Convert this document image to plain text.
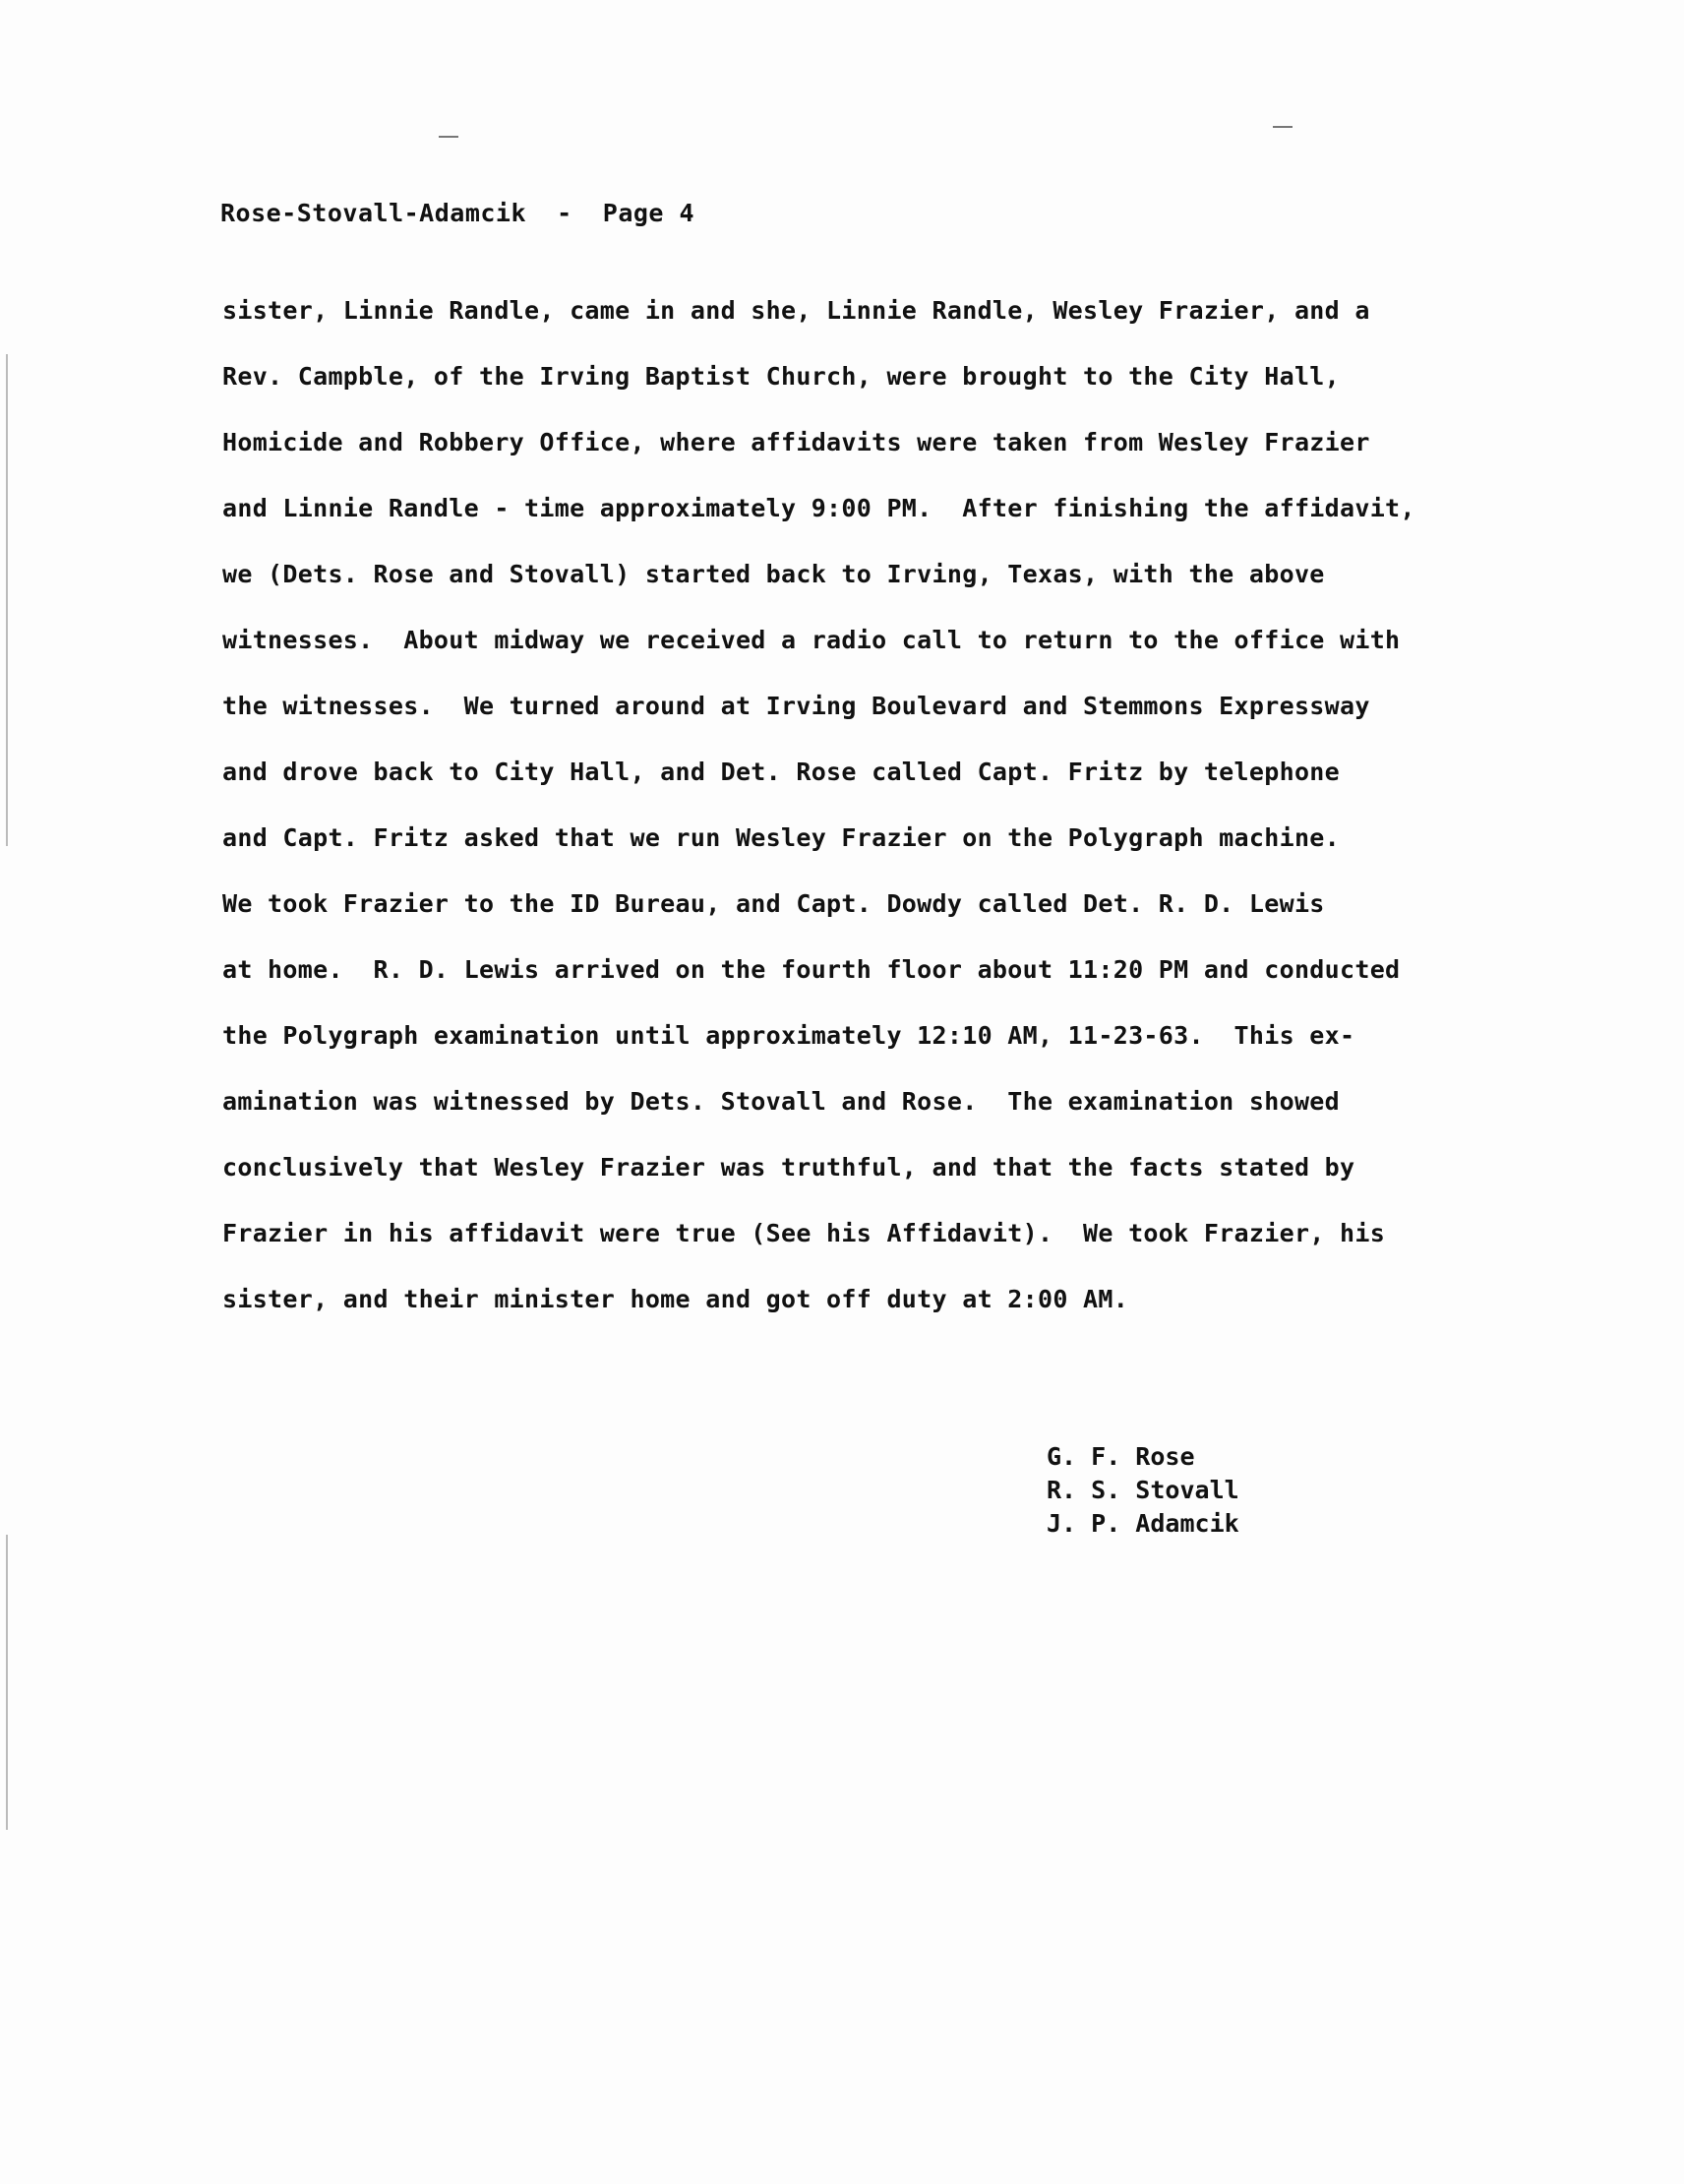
Rose-Stovall-Adamcik  -  Page 4
sister, Linnie Randle, came in and she, Linnie Randle, Wesley Frazier, and a
Rev. Campble, of the Irving Baptist Church, were brought to the City Hall,
Homicide and Robbery Office, where affidavits were taken from Wesley Frazier
and Linnie Randle - time approximately 9:00 PM.  After finishing the affidavit,
we (Dets. Rose and Stovall) started back to Irving, Texas, with the above
witnesses.  About midway we received a radio call to return to the office with
the witnesses.  We turned around at Irving Boulevard and Stemmons Expressway
and drove back to City Hall, and Det. Rose called Capt. Fritz by telephone
and Capt. Fritz asked that we run Wesley Frazier on the Polygraph machine.
We took Frazier to the ID Bureau, and Capt. Dowdy called Det. R. D. Lewis
at home.  R. D. Lewis arrived on the fourth floor about 11:20 PM and conducted
the Polygraph examination until approximately 12:10 AM, 11-23-63.  This ex-
amination was witnessed by Dets. Stovall and Rose.  The examination showed
conclusively that Wesley Frazier was truthful, and that the facts stated by
Frazier in his affidavit were true (See his Affidavit).  We took Frazier, his
sister, and their minister home and got off duty at 2:00 AM.
G. F. Rose
R. S. Stovall
J. P. Adamcik
